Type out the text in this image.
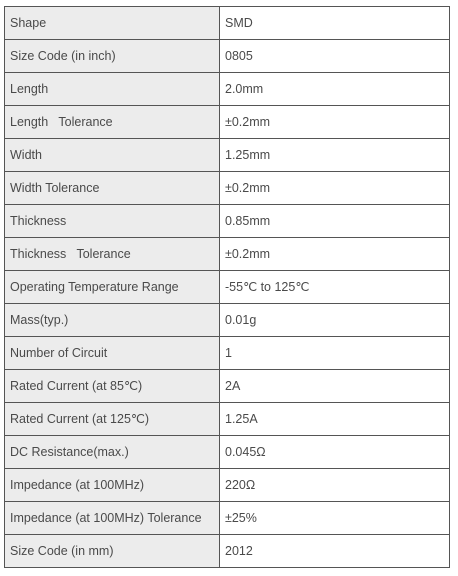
Shape	SMD
Size Code (in inch)	0805
Length	2.0mm
Length   Tolerance	±0.2mm
Width	1.25mm
Width Tolerance	±0.2mm
Thickness	0.85mm
Thickness   Tolerance	±0.2mm
Operating Temperature Range	-55℃ to 125℃
Mass(typ.)	0.01g
Number of Circuit	1
Rated Current (at 85℃)	2A
Rated Current (at 125℃)	1.25A
DC Resistance(max.)	0.045Ω
Impedance (at 100MHz)	220Ω
Impedance (at 100MHz) Tolerance	±25%
Size Code (in mm)	2012
